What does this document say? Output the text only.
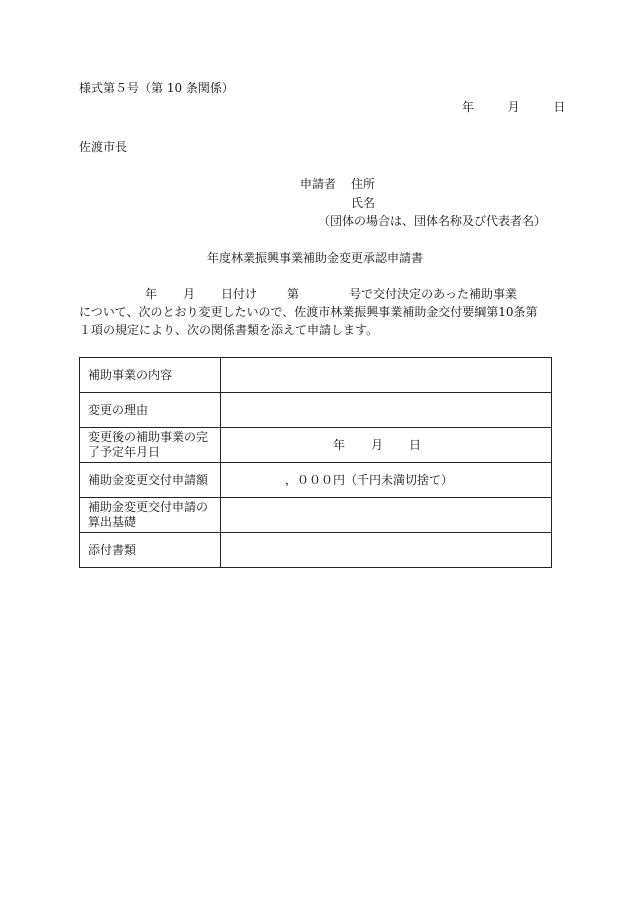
様式第５号（第 10 条関係）
年	月	日
佐渡市長
申請者 住所
氏名
（団体の場合は、団体名称及び代表者名）
年度林業振興事業補助金変更承認申請書
年 月 日付け	第	号で交付決定のあった補助事業
について、次のとおり変更したいので、佐渡市林業振興事業補助金交付要綱第10条第
１項の規定により、次の関係書類を添えて申請します。
補助事業の内容	
変更の理由	
変更後の補助事業の完了予定年月日	年 月 日
補助金変更交付申請額	，０００円（千円未満切捨て）
補助金変更交付申請の算出基礎	
添付書類	
